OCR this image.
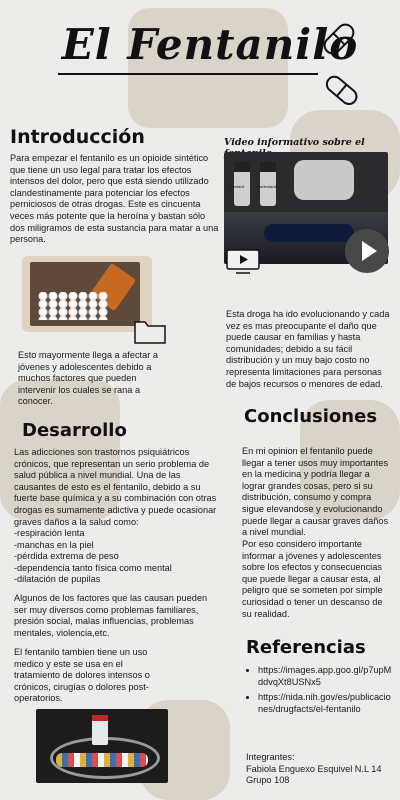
El Fentanilo
Introducción
Para empezar el fentanilo es un opioide sintético que tiene un uso legal para tratar los efectos intensos del dolor, pero que está siendo utilizado clandestinamente para potenciar los efectos perniciosos de otras drogas. Este es cincuenta veces más potente que la heroína y bastan sólo dos miligramos de esta sustancia para matar a una persona.
Video informativo sobre el
Fentanil	Carfentanil
Esto mayormente llega a afectar a jóvenes y adolescentes debido a muchos factores que pueden intervenir los cuales se rana a conocer.
Esta droga ha ido evolucionando y cada vez es mas preocupante el daño que puede causar en familias y hasta comunidades; debido a su fácil distribución y un muy bajo costo no representa limitaciones para personas de bajos recursos o menores de edad.
Desarrollo
Las adicciones son trastornos psiquiátricos crónicos, que representan un serio problema de salud pública a nivel mundial. Una de las causantes de esto es el fentanilo, debido a su fuerte base química y a su combinación con otras drogas es sumamente adictiva y puede ocasionar graves daños a la salud como:
-respiración lenta
-manchas en la piel
-pérdida extrema de peso
-dependencia tanto física como mental
-dilatación de pupilas
Algunos de los factores que las causan pueden ser muy diversos como problemas familiares, presión social, malas influencias, problemas mentales, violencia,etc.
El fentanilo tambien tiene un uso medico y este se usa en el tratamiento de dolores intensos o crónicos, cirugías o dolores post-operatorios.
Conclusiones
En mi opinion el fentanilo puede llegar a tener usos muy importantes en la medicina y podría llegar a lograr grandes cosas, pero si su distribución, consumo y compra sigue elevandose y evolucionando puede llegar a causar graves daños a nivel mundial.
Por eso considero importante informar a jóvenes y adolescentes sobre los efectos y consecuencias que puede llegar a causar esta, al peligro que se someten por simple curiosidad o tener un descanso de su realidad.
Referencias
• https://images.app.goo.gl/p7upMddvqXt8USNx5
• https://nida.nih.gov/es/publicaciones/drugfacts/el-fentanilo
Integrantes:
Fabiola Enguexo Esquivel N.L 14
Grupo 108
